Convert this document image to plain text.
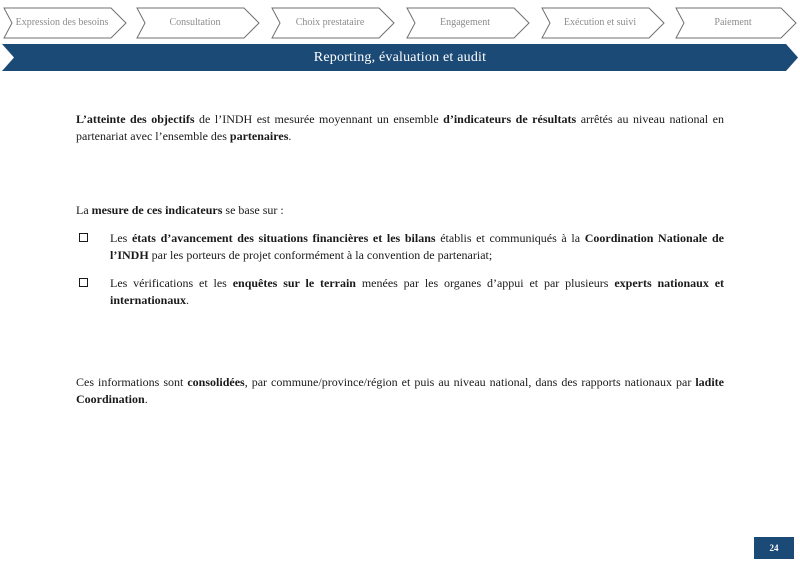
Expression des besoins	Consultation	Choix prestataire	Engagement	Exécution et suivi	Paiement
Reporting, évaluation et audit
L’atteinte des objectifs de l’INDH est mesurée moyennant un ensemble d’indicateurs de résultats arrêtés au niveau national en partenariat avec l’ensemble des partenaires.
La mesure de ces indicateurs se base sur :
Les états d’avancement des situations financières et les bilans établis et communiqués à la Coordination Nationale de l’INDH par les porteurs de projet conformément à la convention de partenariat;
Les vérifications et les enquêtes sur le terrain menées par les organes d’appui et par plusieurs experts nationaux et internationaux.
Ces informations sont consolidées, par commune/province/région et puis au niveau national, dans des rapports nationaux par ladite Coordination.
24
